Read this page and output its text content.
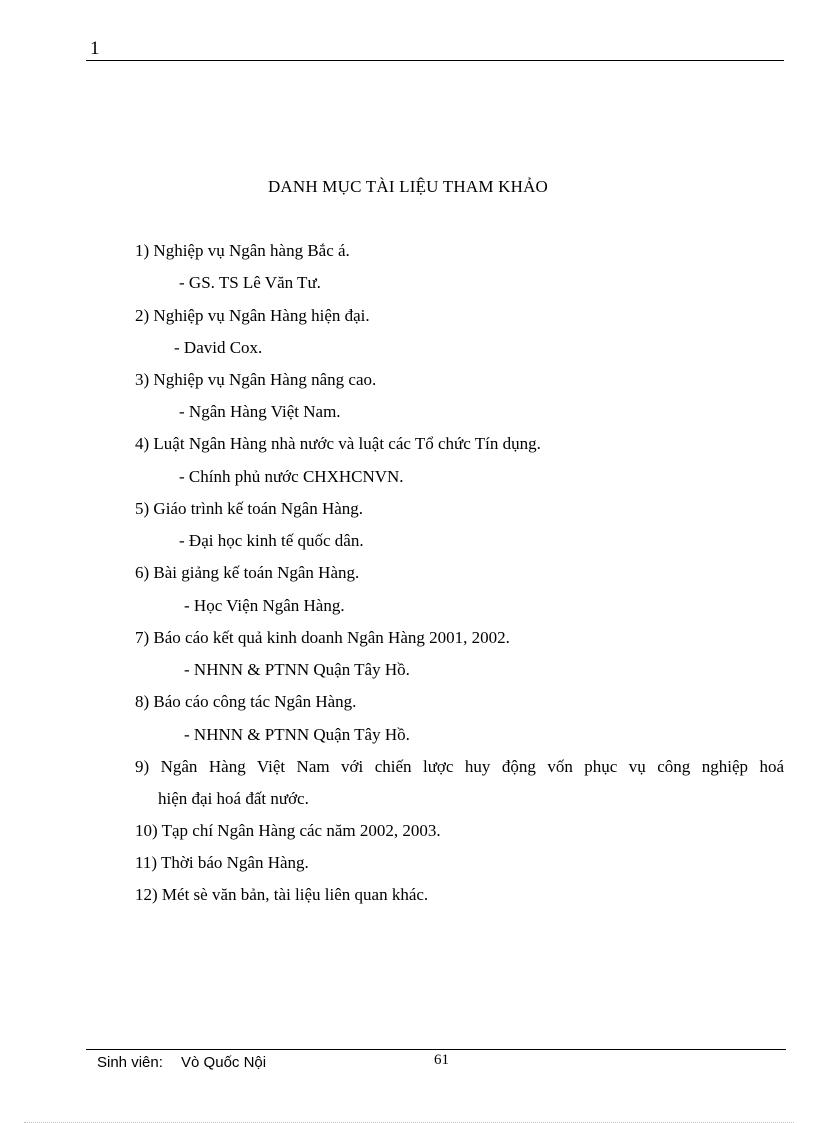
1
DANH MỤC TÀI LIỆU THAM KHẢO
1) Nghiệp vụ Ngân hàng Bắc á.
- GS. TS Lê Văn Tư.
2) Nghiệp vụ Ngân Hàng hiện đại.
- David Cox.
3) Nghiệp vụ Ngân Hàng nâng cao.
- Ngân Hàng Việt Nam.
4) Luật Ngân Hàng nhà nước và luật các Tổ chức Tín dụng.
- Chính phủ nước CHXHCNVN.
5) Giáo trình kế toán Ngân Hàng.
- Đại học kinh tế quốc dân.
6) Bài giảng kế toán Ngân Hàng.
- Học Viện Ngân Hàng.
7) Báo cáo kết quả kinh doanh Ngân Hàng 2001, 2002.
- NHNN & PTNN Quận Tây Hồ.
8) Báo cáo công tác Ngân Hàng.
- NHNN & PTNN Quận Tây Hồ.
9) Ngân Hàng Việt Nam với chiến lược huy động vốn phục vụ công nghiệp hoá
hiện đại hoá đất nước.
10) Tạp chí Ngân Hàng các năm 2002, 2003.
11) Thời báo Ngân Hàng.
12) Mét sè văn bản, tài liệu liên quan khác.
Sinh viên: Vò Quốc Nội	61
